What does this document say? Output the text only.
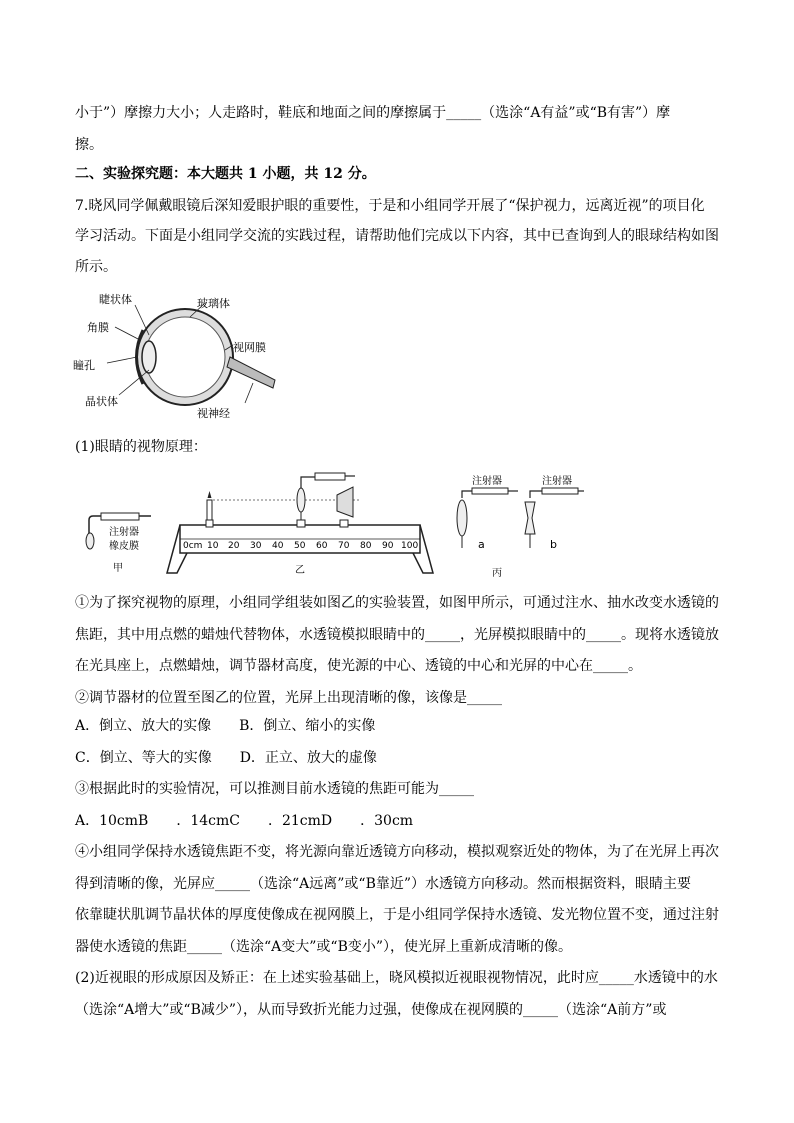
小于”）摩擦力大小；人走路时，鞋底和地面之间的摩擦属于_____（选涂“A有益”或“B有害”）摩
擦。
二、实验探究题：本大题共 1 小题，共 12 分。
7.晓风同学佩戴眼镜后深知爱眼护眼的重要性，于是和小组同学开展了“保护视力，远离近视”的项目化
学习活动。下面是小组同学交流的实践过程，请帮助他们完成以下内容，其中已查询到人的眼球结构如图
所示。
睫状体
角膜
瞳孔
晶状体
玻璃体
视网膜
视神经
(1)眼睛的视物原理：
注射器
橡皮膜
甲
0cm 10 20 30 40 50 60 70 80 90 100
乙
注射器	注射器
a	b
丙
①为了探究视物的原理，小组同学组装如图乙的实验装置，如图甲所示，可通过注水、抽水改变水透镜的
焦距，其中用点燃的蜡烛代替物体，水透镜模拟眼睛中的_____，光屏模拟眼睛中的_____。现将水透镜放
在光具座上，点燃蜡烛，调节器材高度，使光源的中心、透镜的中心和光屏的中心在_____。
②调节器材的位置至图乙的位置，光屏上出现清晰的像，该像是_____
A．倒立、放大的实像　　B．倒立、缩小的实像
C．倒立、等大的实像　　D．正立、放大的虚像
③根据此时的实验情况，可以推测目前水透镜的焦距可能为_____
A．10cmB　　．14cmC　　．21cmD　　．30cm
④小组同学保持水透镜焦距不变，将光源向靠近透镜方向移动，模拟观察近处的物体，为了在光屏上再次
得到清晰的像，光屏应_____（选涂“A远离”或“B靠近”）水透镜方向移动。然而根据资料，眼睛主要
依靠睫状肌调节晶状体的厚度使像成在视网膜上，于是小组同学保持水透镜、发光物位置不变，通过注射
器使水透镜的焦距_____（选涂“A变大”或“B变小”），使光屏上重新成清晰的像。
(2)近视眼的形成原因及矫正：在上述实验基础上，晓风模拟近视眼视物情况，此时应_____水透镜中的水
（选涂“A增大”或“B减少”），从而导致折光能力过强，使像成在视网膜的_____（选涂“A前方”或
